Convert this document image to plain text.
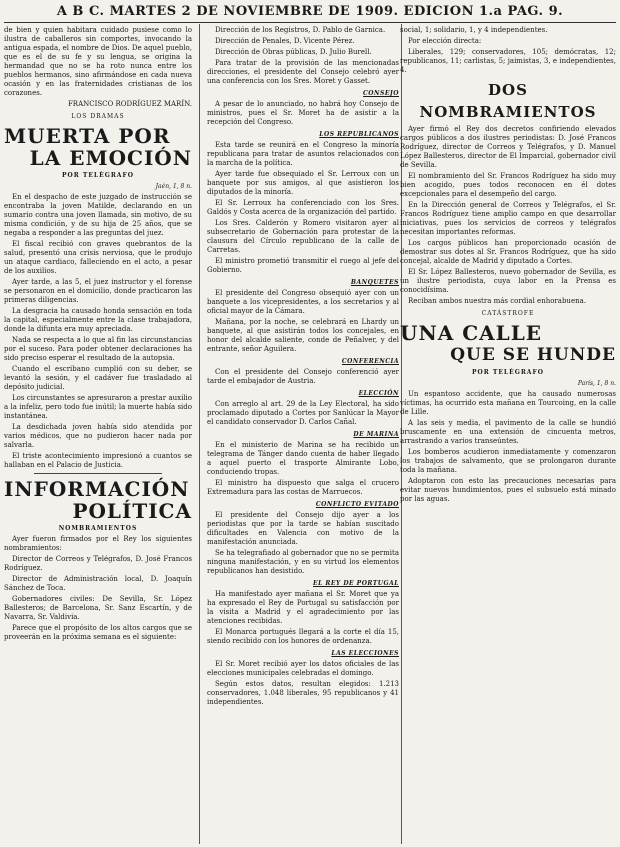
A B C. MARTES 2 DE NOVIEMBRE DE 1909. EDICION 1.a PAG. 9.

de bien y quien habitara cuidado pusiese como lo ilustra de caballeros sin comportes, invocando la antigua espada, el nombre de Dios. De aquel pueblo, que es el de su fe y su lengua, se origina la hermandad que no se ha roto nunca entre los pueblos hermanos, sino afirmándose en cada nueva ocasión y en las fraternidades cristianas de los corazones.

FRANCISCO RODRÍGUEZ MARÍN.
LOS DRAMAS
MUERTA POR
LA EMOCIÓN
POR TELÉGRAFO
Jaén, 1, 8 n.

En el despacho de este juzgado de instrucción se encontraba la joven Matilde, declarando en un sumario contra una joven llamada, sin motivo, de su misma condición, y de su hija de 25 años, que se negaba a responder a las preguntas del juez.

El fiscal recibió con graves quebrantos de la salud, presentó una crisis nerviosa, que le produjo un ataque cardiaco, falleciendo en el acto, a pesar de los auxilios.

Ayer tarde, a las 5, el juez instructor y el forense se personaron en el domicilio, donde practicaron las primeras diligencias.

La desgracia ha causado honda sensación en toda la capital, especialmente entre la clase trabajadora, donde la difunta era muy apreciada.

Nada se respecta a lo que al fin las circunstancias por el suceso. Para poder obtener declaraciones ha sido preciso esperar el resultado de la autopsia.

Cuando el escribano cumplió con su deber, se levantó la sesión, y el cadáver fue trasladado al depósito judicial.

Los circunstantes se apresuraron a prestar auxilio a la infeliz, pero todo fue inútil; la muerte había sido instantánea.

La desdichada joven había sido atendida por varios médicos, que no pudieron hacer nada por salvarla.

El triste acontecimiento impresionó a cuantos se hallaban en el Palacio de Justicia.

INFORMACIÓN
POLÍTICA
NOMBRAMIENTOS

Ayer fueron firmados por el Rey los siguientes nombramientos:

Director de Correos y Telégrafos, D. José Francos Rodríguez.

Director de Administración local, D. Joaquín Sánchez de Toca.

Gobernadores civiles: De Sevilla, Sr. López Ballesteros; de Barcelona, Sr. Sanz Escartín, y de Navarra, Sr. Valdivia.

Parece que el propósito de los altos cargos que se proveerán en la próxima semana es el siguiente:

Dirección de los Registros, D. Pablo de Garnica.

Dirección de Penales, D. Vicente Pérez.

Dirección de Obras públicas, D. Julio Burell.

Para tratar de la provisión de las mencionadas direcciones, el presidente del Consejo celebró ayer una conferencia con los Sres. Moret y Gasset.

CONSEJO

A pesar de lo anunciado, no habrá hoy Consejo de ministros, pues el Sr. Moret ha de asistir a la recepción del Congreso.

LOS REPUBLICANOS

Esta tarde se reunirá en el Congreso la minoría republicana para tratar de asuntos relacionados con la marcha de la política.

Ayer tarde fue obsequiado el Sr. Lerroux con un banquete por sus amigos, al que asistieron los diputados de la minoría.

El Sr. Lerroux ha conferenciado con los Sres. Galdós y Costa acerca de la organización del partido.

Los Sres. Calderón y Romero visitaron ayer al subsecretario de Gobernación para protestar de la clausura del Círculo republicano de la calle de Carretas.

El ministro prometió transmitir el ruego al jefe del Gobierno.

BANQUETES

El presidente del Congreso obsequió ayer con un banquete a los vicepresidentes, a los secretarios y al oficial mayor de la Cámara.

Mañana, por la noche, se celebrará en Lhardy un banquete, al que asistirán todos los concejales, en honor del alcalde saliente, conde de Peñalver, y del entrante, señor Aguilera.

CONFERENCIA

Con el presidente del Consejo conferenció ayer tarde el embajador de Austria.

ELECCIÓN

Con arreglo al art. 29 de la Ley Electoral, ha sido proclamado diputado a Cortes por Sanlúcar la Mayor el candidato conservador D. Carlos Cañal.

DE MARINA

En el ministerio de Marina se ha recibido un telegrama de Tánger dando cuenta de haber llegado a aquel puerto el trasporte Almirante Lobo, conduciendo tropas.

El ministro ha dispuesto que salga el crucero Extremadura para las costas de Marruecos.

CONFLICTO EVITADO

El presidente del Consejo dijo ayer a los periodistas que por la tarde se habían suscitado dificultades en Valencia con motivo de la manifestación anunciada.

Se ha telegrafiado al gobernador que no se permita ninguna manifestación, y en su virtud los elementos republicanos han desistido.

EL REY DE PORTUGAL

Ha manifestado ayer mañana el Sr. Moret que ya ha expresado el Rey de Portugal su satisfacción por la visita a Madrid y el agradecimiento por las atenciones recibidas.

El Monarca portugués llegará a la corte el día 15, siendo recibido con los honores de ordenanza.

LAS ELECCIONES

El Sr. Moret recibió ayer los datos oficiales de las elecciones municipales celebradas el domingo.

Según estos datos, resultan elegidos: 1.213 conservadores, 1.048 liberales, 95 republicanos y 41 independientes.

social, 1; solidario, 1, y 4 independientes.

Por elección directa:

Liberales, 129; conservadores, 105; demócratas, 12; republicanos, 11; carlistas, 5; jaimistas, 3, e independientes, 4.

DOS NOMBRAMIENTOS

Ayer firmó el Rey dos decretos confiriendo elevados cargos públicos a dos ilustres periodistas: D. José Francos Rodríguez, director de Correos y Telégrafos, y D. Manuel López Ballesteros, director de El Imparcial, gobernador civil de Sevilla.

El nombramiento del Sr. Francos Rodríguez ha sido muy bien acogido, pues todos reconocen en él dotes excepcionales para el desempeño del cargo.

En la Dirección general de Correos y Telégrafos, el Sr. Francos Rodríguez tiene amplio campo en que desarrollar iniciativas, pues los servicios de correos y telégrafos necesitan importantes reformas.

Los cargos públicos han proporcionado ocasión de demostrar sus dotes al Sr. Francos Rodríguez, que ha sido concejal, alcalde de Madrid y diputado a Cortes.

El Sr. López Ballesteros, nuevo gobernador de Sevilla, es un ilustre periodista, cuya labor en la Prensa es conocidísima.

Reciban ambos nuestra más cordial enhorabuena.

CATÁSTROFE
UNA CALLE
QUE SE HUNDE
POR TELÉGRAFO
París, 1, 8 n.

Un espantoso accidente, que ha causado numerosas víctimas, ha ocurrido esta mañana en Tourcoing, en la calle de Lille.

A las seis y media, el pavimento de la calle se hundió bruscamente en una extensión de cincuenta metros, arrastrando a varios transeúntes.

Los bomberos acudieron inmediatamente y comenzaron los trabajos de salvamento, que se prolongaron durante toda la mañana.

Adoptaron con esto las precauciones necesarias para evitar nuevos hundimientos, pues el subsuelo está minado por las aguas.
